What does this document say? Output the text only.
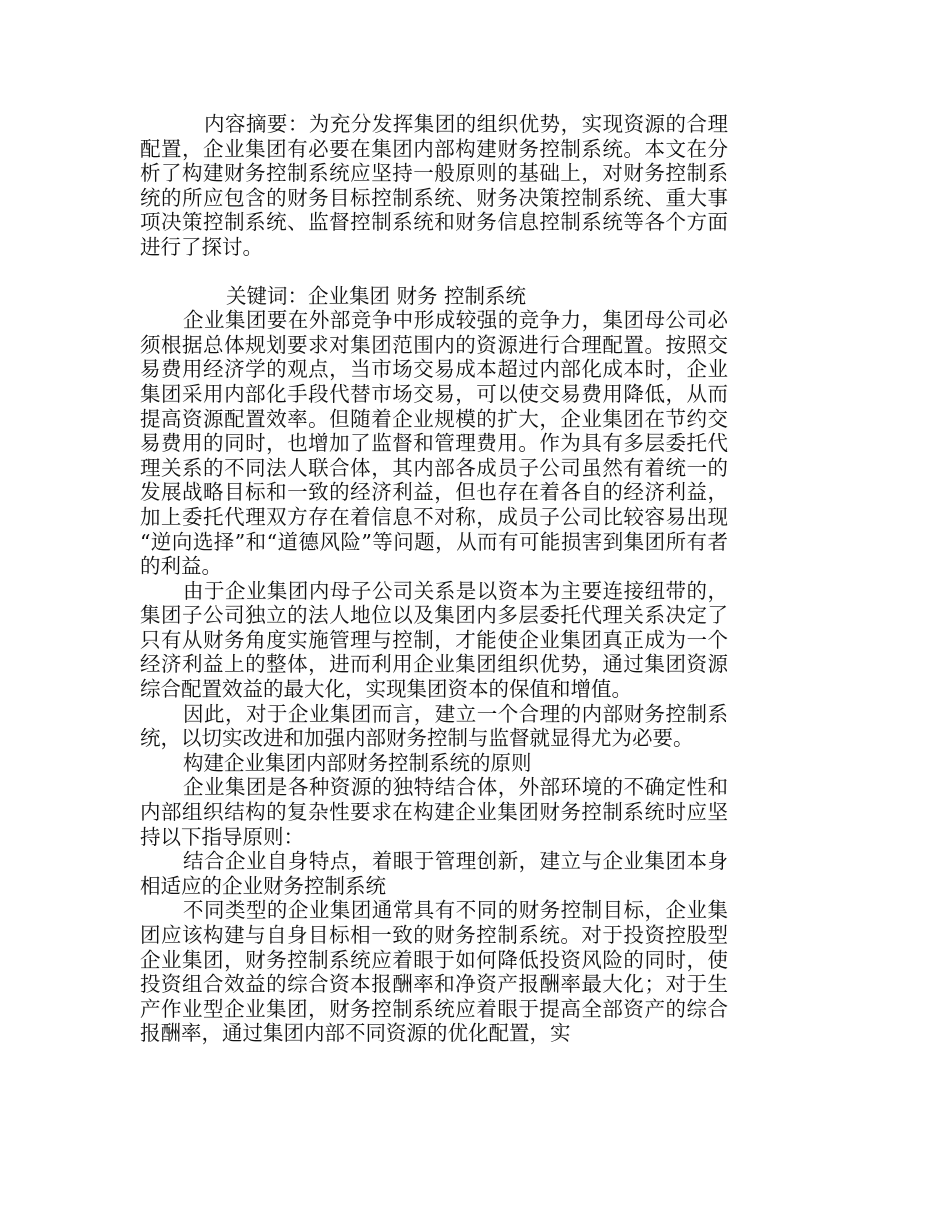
内容摘要：为充分发挥集团的组织优势，实现资源的合理配置，企业集团有必要在集团内部构建财务控制系统。本文在分析了构建财务控制系统应坚持一般原则的基础上，对财务控制系统的所应包含的财务目标控制系统、财务决策控制系统、重大事项决策控制系统、监督控制系统和财务信息控制系统等各个方面进行了探讨。

关键词：企业集团 财务 控制系统

企业集团要在外部竞争中形成较强的竞争力，集团母公司必须根据总体规划要求对集团范围内的资源进行合理配置。按照交易费用经济学的观点，当市场交易成本超过内部化成本时，企业集团采用内部化手段代替市场交易，可以使交易费用降低，从而提高资源配置效率。但随着企业规模的扩大，企业集团在节约交易费用的同时，也增加了监督和管理费用。作为具有多层委托代理关系的不同法人联合体，其内部各成员子公司虽然有着统一的发展战略目标和一致的经济利益，但也存在着各自的经济利益，加上委托代理双方存在着信息不对称，成员子公司比较容易出现 “逆向选择”和“道德风险”等问题，从而有可能损害到集团所有者的利益。

由于企业集团内母子公司关系是以资本为主要连接纽带的，集团子公司独立的法人地位以及集团内多层委托代理关系决定了只有从财务角度实施管理与控制，才能使企业集团真正成为一个经济利益上的整体，进而利用企业集团组织优势，通过集团资源综合配置效益的最大化，实现集团资本的保值和增值。

因此，对于企业集团而言，建立一个合理的内部财务控制系统，以切实改进和加强内部财务控制与监督就显得尤为必要。

构建企业集团内部财务控制系统的原则

企业集团是各种资源的独特结合体，外部环境的不确定性和内部组织结构的复杂性要求在构建企业集团财务控制系统时应坚持以下指导原则：

结合企业自身特点，着眼于管理创新，建立与企业集团本身相适应的企业财务控制系统

不同类型的企业集团通常具有不同的财务控制目标，企业集团应该构建与自身目标相一致的财务控制系统。对于投资控股型企业集团，财务控制系统应着眼于如何降低投资风险的同时，使投资组合效益的综合资本报酬率和净资产报酬率最大化；对于生产作业型企业集团，财务控制系统应着眼于提高全部资产的综合报酬率，通过集团内部不同资源的优化配置，实
